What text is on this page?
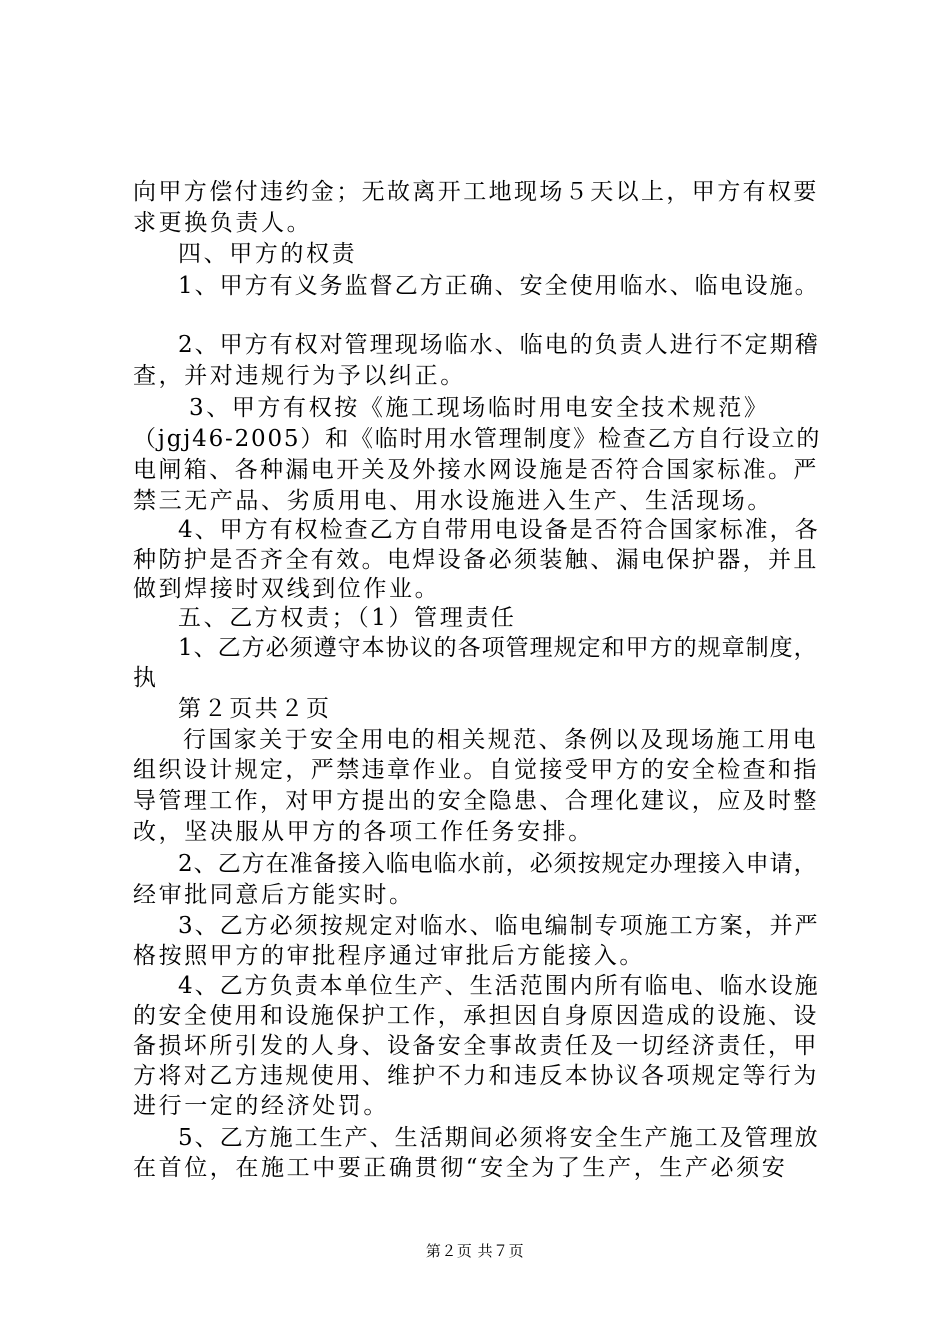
向甲方偿付违约金；无故离开工地现场５天以上，甲方有权要
求更换负责人。
四、甲方的权责
1、甲方有义务监督乙方正确、安全使用临水、临电设施。
2、甲方有权对管理现场临水、临电的负责人进行不定期稽
查，并对违规行为予以纠正。
3、甲方有权按《施工现场临时用电安全技术规范》
（jgj46-2005）和《临时用水管理制度》检查乙方自行设立的
电闸箱、各种漏电开关及外接水网设施是否符合国家标准。严
禁三无产品、劣质用电、用水设施进入生产、生活现场。
4、甲方有权检查乙方自带用电设备是否符合国家标准，各
种防护是否齐全有效。电焊设备必须装触、漏电保护器，并且
做到焊接时双线到位作业。
五、乙方权责；（1）管理责任
1、乙方必须遵守本协议的各项管理规定和甲方的规章制度，
执
第２页共２页
行国家关于安全用电的相关规范、条例以及现场施工用电
组织设计规定，严禁违章作业。自觉接受甲方的安全检查和指
导管理工作，对甲方提出的安全隐患、合理化建议，应及时整
改，坚决服从甲方的各项工作任务安排。
2、乙方在准备接入临电临水前，必须按规定办理接入申请，
经审批同意后方能实时。
3、乙方必须按规定对临水、临电编制专项施工方案，并严
格按照甲方的审批程序通过审批后方能接入。
4、乙方负责本单位生产、生活范围内所有临电、临水设施
的安全使用和设施保护工作，承担因自身原因造成的设施、设
备损坏所引发的人身、设备安全事故责任及一切经济责任，甲
方将对乙方违规使用、维护不力和违反本协议各项规定等行为
进行一定的经济处罚。
5、乙方施工生产、生活期间必须将安全生产施工及管理放
在首位，在施工中要正确贯彻“安全为了生产，生产必须安
第２页 共７页
